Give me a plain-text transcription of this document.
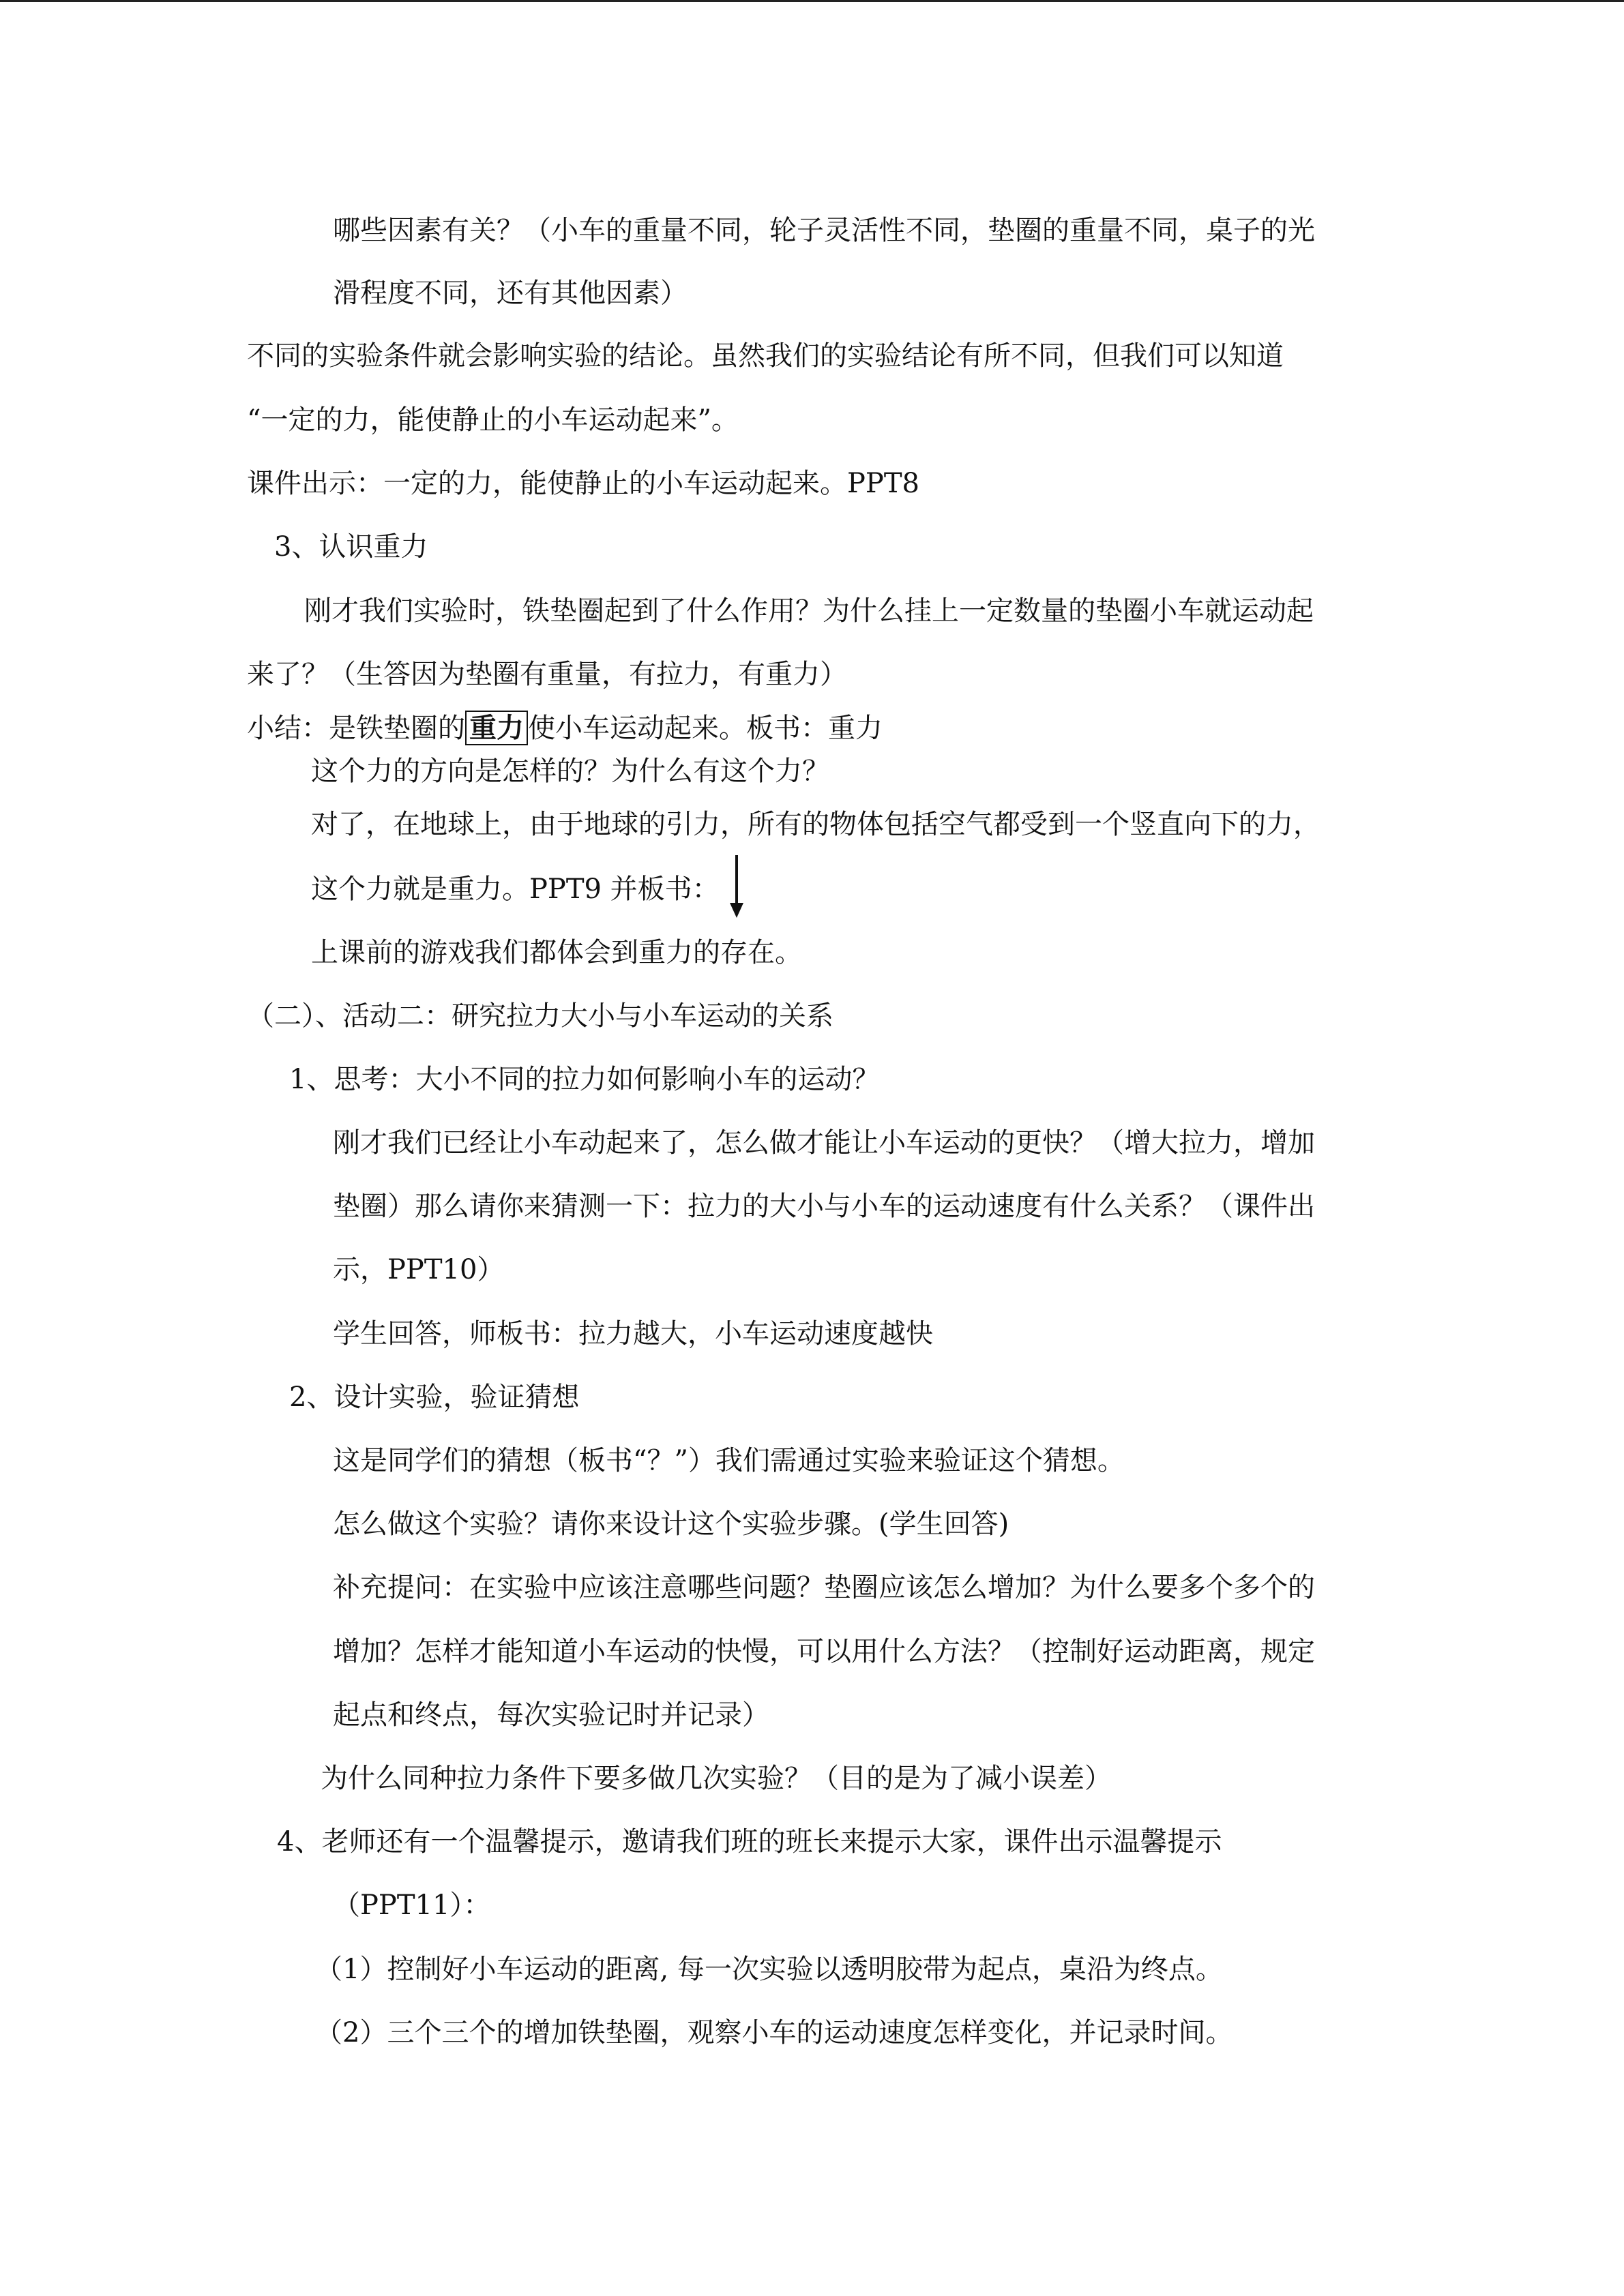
哪些因素有关？（小车的重量不同，轮子灵活性不同，垫圈的重量不同，桌子的光
滑程度不同，还有其他因素）
不同的实验条件就会影响实验的结论。虽然我们的实验结论有所不同，但我们可以知道
“一定的力，能使静止的小车运动起来”。
课件出示：一定的力，能使静止的小车运动起来。PPT8
3、认识重力
刚才我们实验时，铁垫圈起到了什么作用？为什么挂上一定数量的垫圈小车就运动起
来了？（生答因为垫圈有重量，有拉力，有重力）
小结：是铁垫圈的 重力 使小车运动起来。板书：重力
这个力的方向是怎样的？为什么有这个力？
对了，在地球上，由于地球的引力，所有的物体包括空气都受到一个竖直向下的力，
这个力就是重力。PPT9 并板书：
上课前的游戏我们都体会到重力的存在。
（二）、活动二：研究拉力大小与小车运动的关系
1、思考：大小不同的拉力如何影响小车的运动？
刚才我们已经让小车动起来了，怎么做才能让小车运动的更快？（增大拉力，增加
垫圈）那么请你来猜测一下：拉力的大小与小车的运动速度有什么关系？（课件出
示，PPT10）
学生回答，师板书：拉力越大，小车运动速度越快
2、设计实验，验证猜想
这是同学们的猜想（板书“？”）我们需通过实验来验证这个猜想。
怎么做这个实验？请你来设计这个实验步骤。(学生回答)
补充提问：在实验中应该注意哪些问题？垫圈应该怎么增加？为什么要多个多个的
增加？怎样才能知道小车运动的快慢，可以用什么方法？（控制好运动距离，规定
起点和终点，每次实验记时并记录）
为什么同种拉力条件下要多做几次实验？（目的是为了减小误差）
4、老师还有一个温馨提示，邀请我们班的班长来提示大家，课件出示温馨提示
（PPT11）：
（1）控制好小车运动的距离, 每一次实验以透明胶带为起点，桌沿为终点。
（2）三个三个的增加铁垫圈，观察小车的运动速度怎样变化，并记录时间。
